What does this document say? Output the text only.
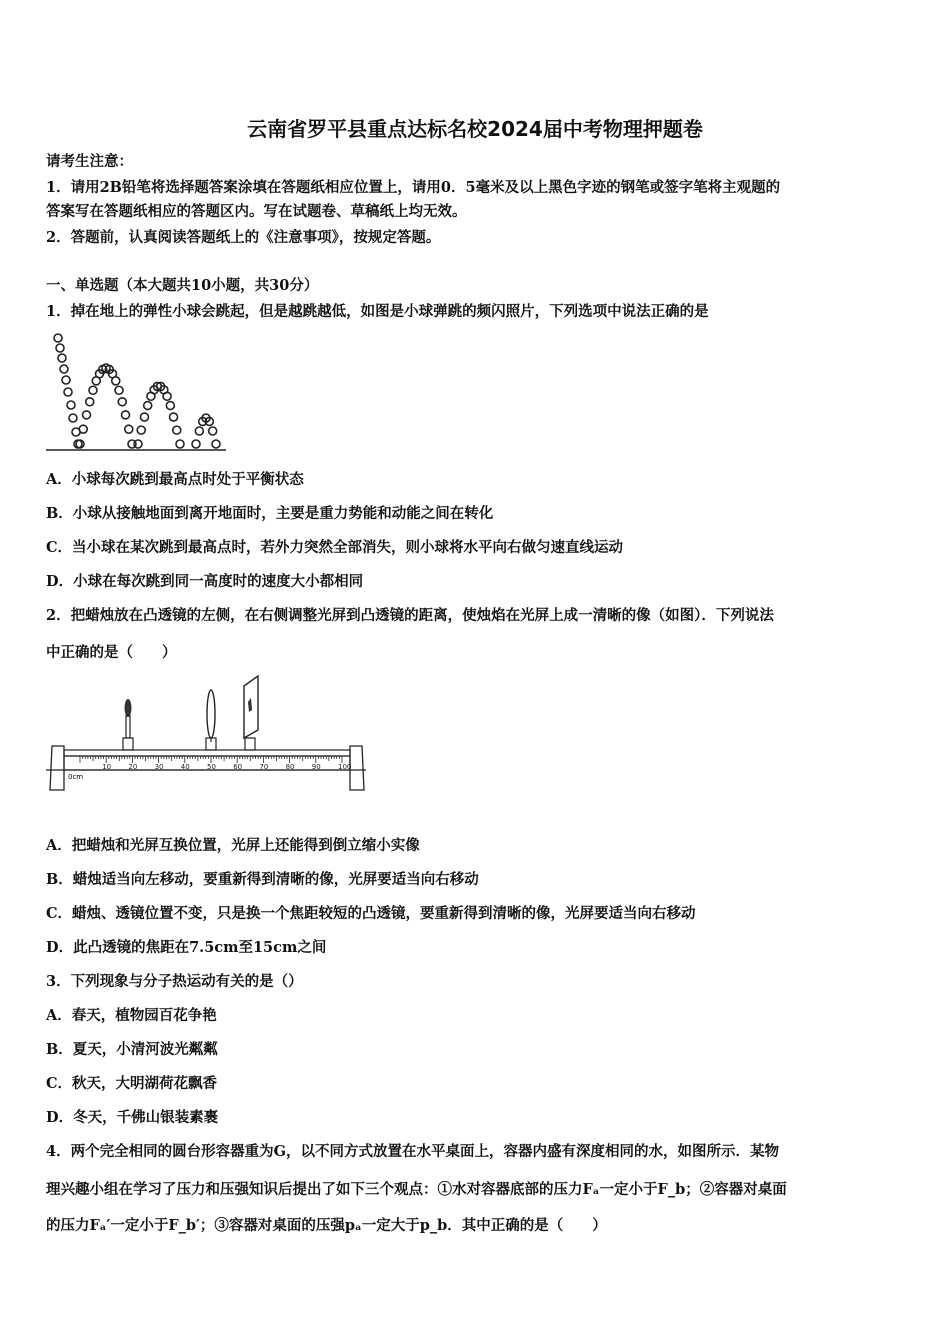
云南省罗平县重点达标名校2024届中考物理押题卷
请考生注意：
1．请用2B铅笔将选择题答案涂填在答题纸相应位置上，请用0．5毫米及以上黑色字迹的钢笔或签字笔将主观题的
答案写在答题纸相应的答题区内。写在试题卷、草稿纸上均无效。
2．答题前，认真阅读答题纸上的《注意事项》，按规定答题。
一、单选题（本大题共10小题，共30分）
1．掉在地上的弹性小球会跳起，但是越跳越低，如图是小球弹跳的频闪照片，下列选项中说法正确的是
A．小球每次跳到最高点时处于平衡状态
B．小球从接触地面到离开地面时，主要是重力势能和动能之间在转化
C．当小球在某次跳到最高点时，若外力突然全部消失，则小球将水平向右做匀速直线运动
D．小球在每次跳到同一高度时的速度大小都相同
2．把蜡烛放在凸透镜的左侧，在右侧调整光屏到凸透镜的距离，使烛焰在光屏上成一清晰的像（如图）．下列说法
中正确的是（　　）
0cm
10 20 30 40 50 60 70 80 90 100
A．把蜡烛和光屏互换位置，光屏上还能得到倒立缩小实像
B．蜡烛适当向左移动，要重新得到清晰的像，光屏要适当向右移动
C．蜡烛、透镜位置不变，只是换一个焦距较短的凸透镜，要重新得到清晰的像，光屏要适当向右移动
D．此凸透镜的焦距在7.5cm至15cm之间
3．下列现象与分子热运动有关的是（）
A．春天，植物园百花争艳
B．夏天，小清河波光粼粼
C．秋天，大明湖荷花飘香
D．冬天，千佛山银装素裹
4．两个完全相同的圆台形容器重为G，以不同方式放置在水平桌面上，容器内盛有深度相同的水，如图所示．某物
理兴趣小组在学习了压力和压强知识后提出了如下三个观点：①水对容器底部的压力Fₐ一定小于F_b；②容器对桌面
的压力Fₐ′一定小于F_b′；③容器对桌面的压强pₐ一定大于p_b．其中正确的是（　　）
